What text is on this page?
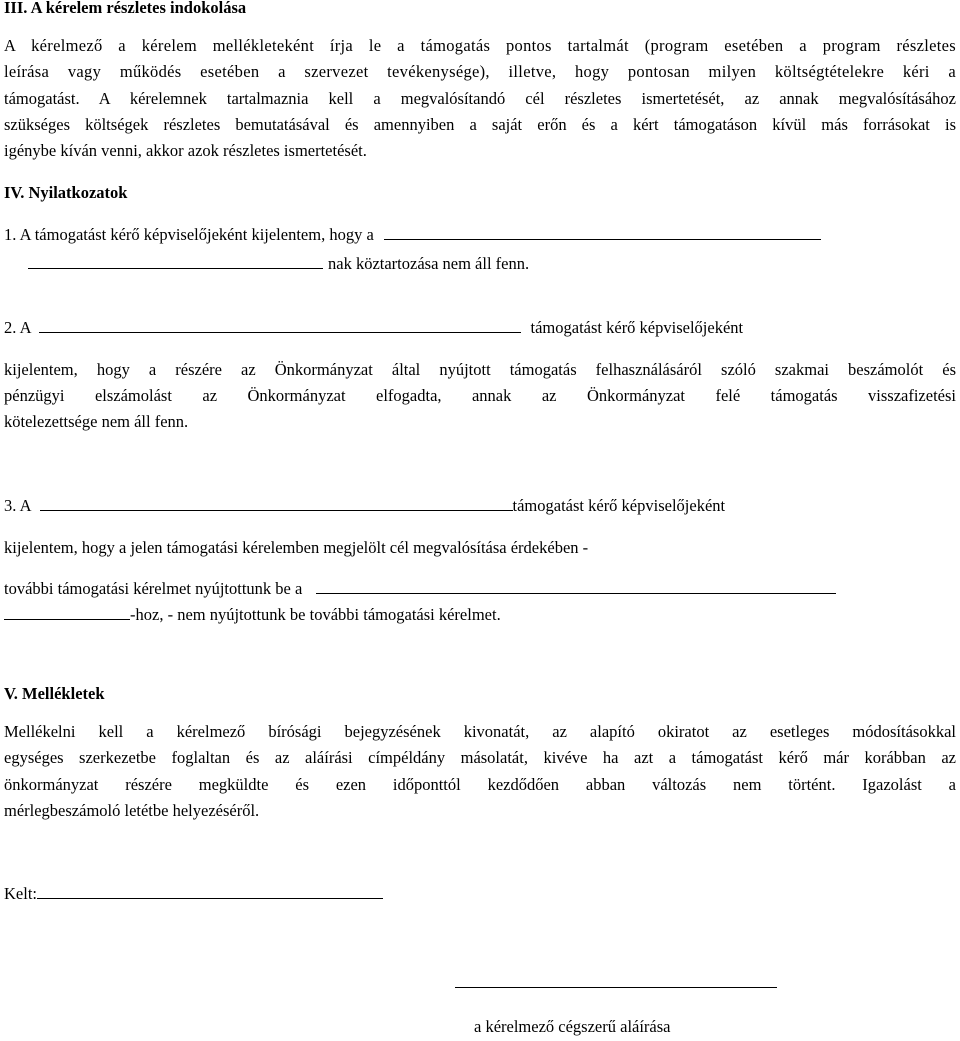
III. A kérelem részletes indokolása
A kérelmező a kérelem mellékleteként írja le a támogatás pontos tartalmát (program esetében a program részletes
leírása vagy működés esetében a szervezet tevékenysége), illetve, hogy pontosan milyen költségtételekre kéri a
támogatást. A kérelemnek tartalmaznia kell a megvalósítandó cél részletes ismertetését, az annak megvalósításához
szükséges költségek részletes bemutatásával és amennyiben a saját erőn és a kért támogatáson kívül más forrásokat is
igénybe kíván venni, akkor azok részletes ismertetését.
IV. Nyilatkozatok
1. A támogatást kérő képviselőjeként kijelentem, hogy a
nak köztartozása nem áll fenn.
2. A	támogatást kérő képviselőjeként
kijelentem, hogy a részére az Önkormányzat által nyújtott támogatás felhasználásáról szóló szakmai beszámolót és
pénzügyi elszámolást az Önkormányzat elfogadta, annak az Önkormányzat felé támogatás visszafizetési
kötelezettsége nem áll fenn.
3. A	támogatást kérő képviselőjeként
kijelentem, hogy a jelen támogatási kérelemben megjelölt cél megvalósítása érdekében -
további támogatási kérelmet nyújtottunk be a
-hoz, - nem nyújtottunk be további támogatási kérelmet.
V. Mellékletek
Mellékelni kell a kérelmező bírósági bejegyzésének kivonatát, az alapító okiratot az esetleges módosításokkal
egységes szerkezetbe foglaltan és az aláírási címpéldány másolatát, kivéve ha azt a támogatást kérő már korábban az
önkormányzat részére megküldte és ezen időponttól kezdődően abban változás nem történt. Igazolást a
mérlegbeszámoló letétbe helyezéséről.
Kelt:
a kérelmező cégszerű aláírása
